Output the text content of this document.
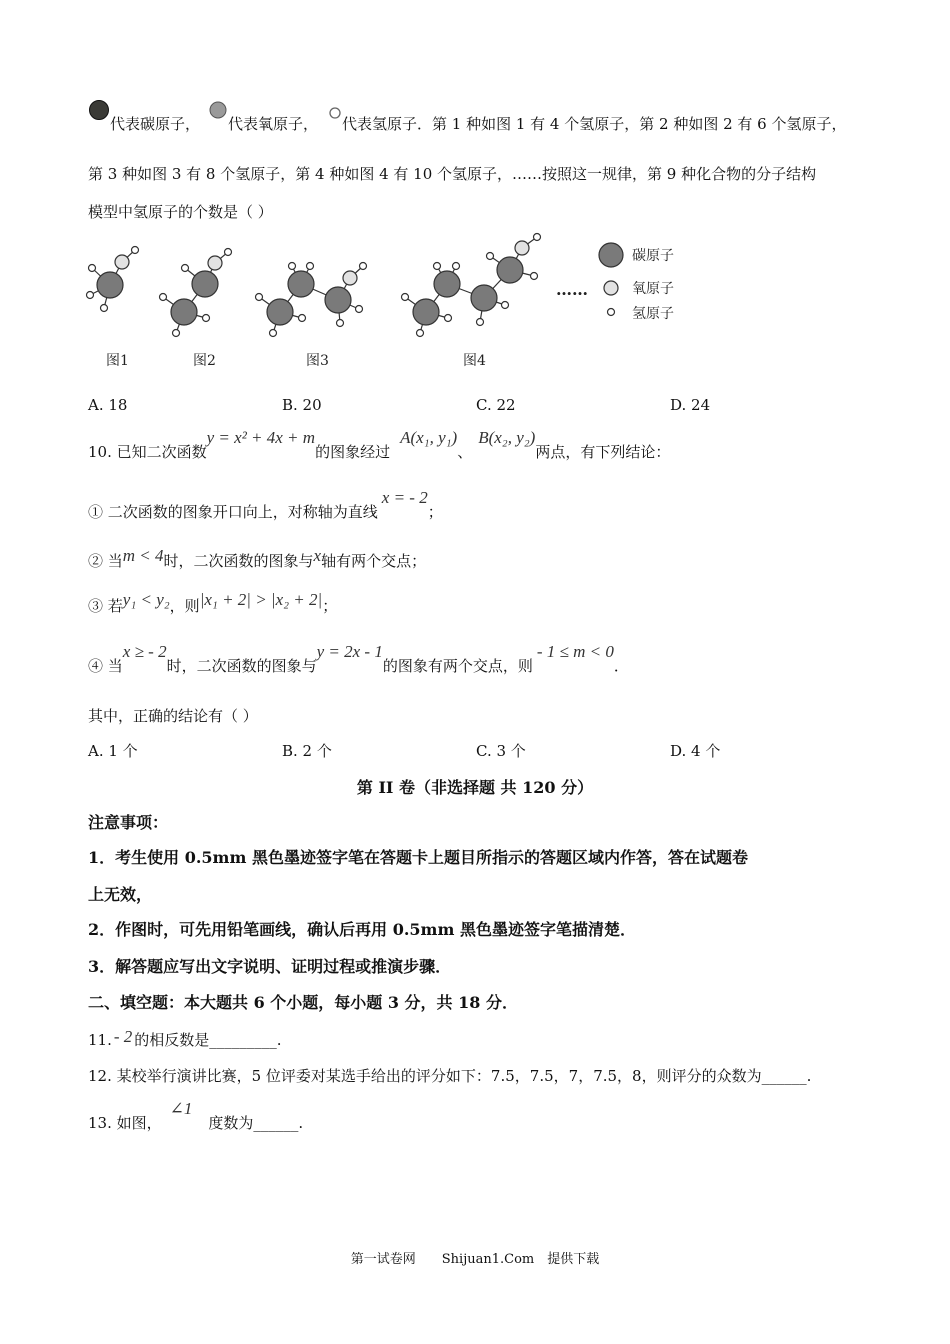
代表碳原子， 代表氧原子， 代表氢原子．第 1 种如图 1 有 4 个氢原子，第 2 种如图 2 有 6 个氢原子，
第 3 种如图 3 有 8 个氢原子，第 4 种如图 4 有 10 个氢原子，……按照这一规律，第 9 种化合物的分子结构
模型中氢原子的个数是（ ）
图1	图2	图3	图4
……
碳原子
氧原子
氢原子
A. 18	B. 20	C. 22	D. 24
10. 已知二次函数y = x² + 4x + m的图象经过A(x₁, y₁)、B(x₂, y₂)两点，有下列结论：
① 二次函数的图象开口向上，对称轴为直线x = - 2；
② 当m < 4时，二次函数的图象与x轴有两个交点；
③ 若y₁ < y₂，则|x₁ + 2| > |x₂ + 2|；
④ 当x ≥ - 2时，二次函数的图象与y = 2x - 1的图象有两个交点，则- 1 ≤ m < 0．
其中，正确的结论有（ ）
A. 1 个	B. 2 个	C. 3 个	D. 4 个
第 II 卷（非选择题 共 120 分）
注意事项：
1．考生使用 0.5mm 黑色墨迹签字笔在答题卡上题目所指示的答题区域内作答，答在试题卷
上无效，
2．作图时，可先用铅笔画线，确认后再用 0.5mm 黑色墨迹签字笔描清楚．
3．解答题应写出文字说明、证明过程或推演步骤．
二、填空题：本大题共 6 个小题，每小题 3 分，共 18 分．
11. - 2 的相反数是_________.
12. 某校举行演讲比赛，5 位评委对某选手给出的评分如下：7.5，7.5，7，7.5，8，则评分的众数为______.
13. 如图，∠1度数为______.
第一试卷网　　Shijuan1.Com　提供下载
